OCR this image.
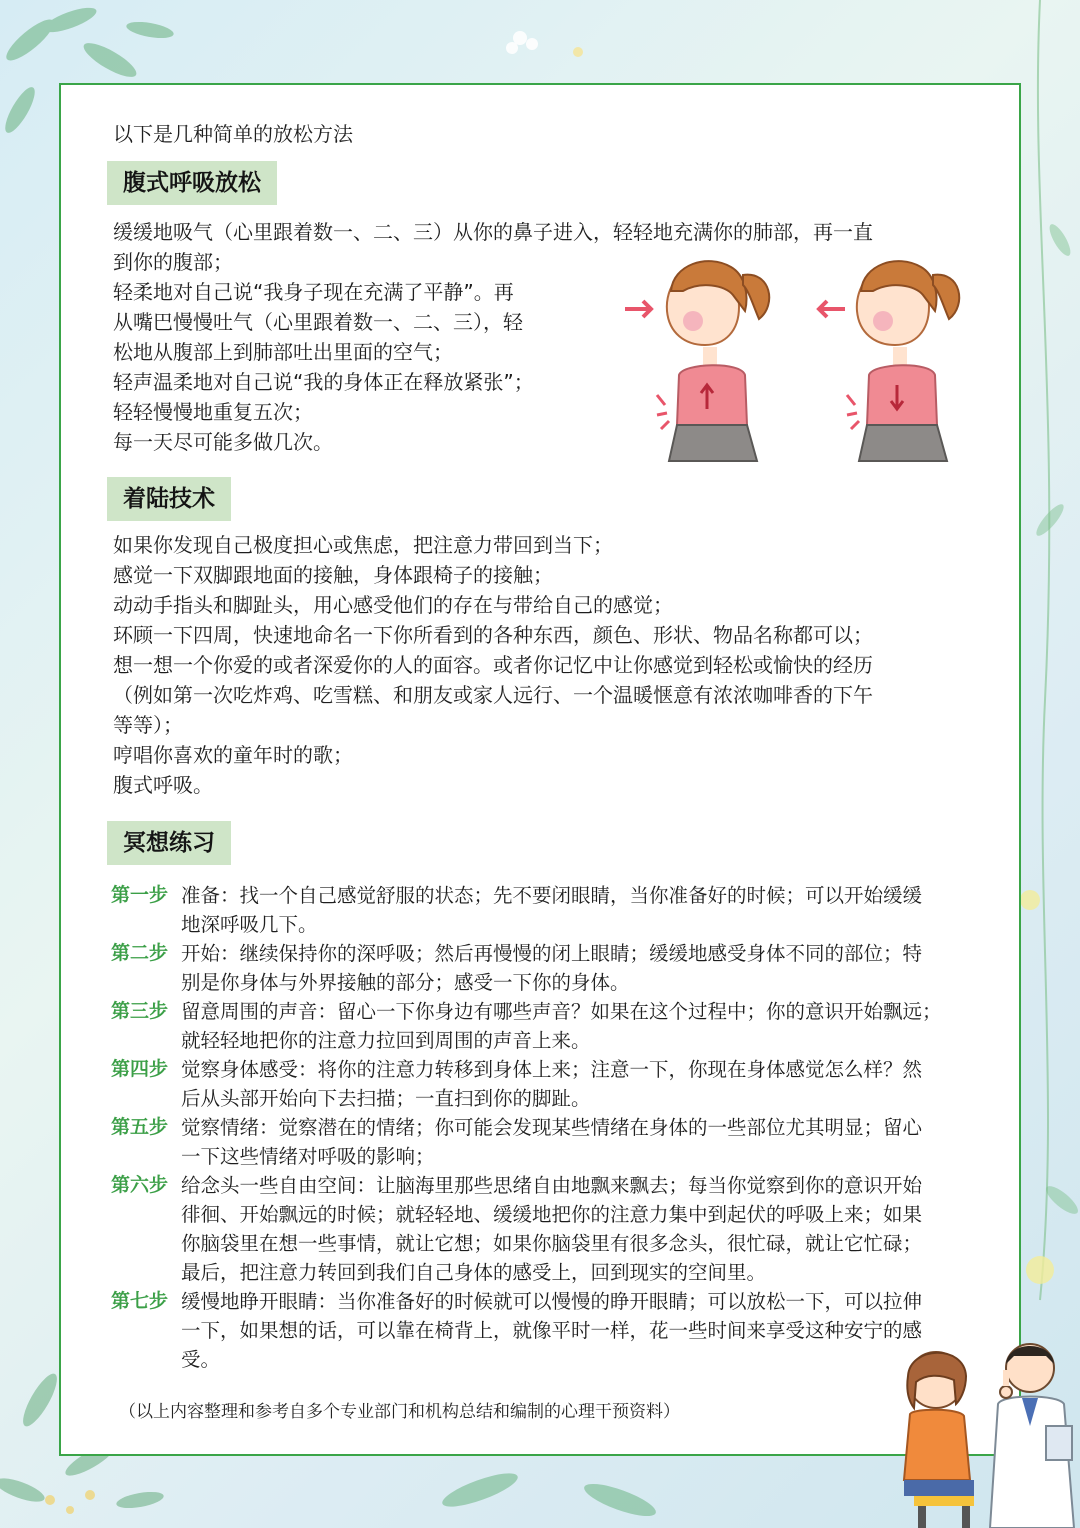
以下是几种简单的放松方法
腹式呼吸放松

缓缓地吸气（心里跟着数一、二、三）从你的鼻子进入，轻轻地充满你的肺部，再一直

到你的腹部；

轻柔地对自己说“我身子现在充满了平静”。再

从嘴巴慢慢吐气（心里跟着数一、二、三），轻

松地从腹部上到肺部吐出里面的空气；

轻声温柔地对自己说“我的身体正在释放紧张”；

轻轻慢慢地重复五次；

每一天尽可能多做几次。

着陆技术

如果你发现自己极度担心或焦虑，把注意力带回到当下；

感觉一下双脚跟地面的接触，身体跟椅子的接触；

动动手指头和脚趾头，用心感受他们的存在与带给自己的感觉；

环顾一下四周，快速地命名一下你所看到的各种东西，颜色、形状、物品名称都可以；

想一想一个你爱的或者深爱你的人的面容。或者你记忆中让你感觉到轻松或愉快的经历

（例如第一次吃炸鸡、吃雪糕、和朋友或家人远行、一个温暖惬意有浓浓咖啡香的下午

等等）；

哼唱你喜欢的童年时的歌；

腹式呼吸。

冥想练习
第一步 准备：找一个自己感觉舒服的状态；先不要闭眼睛，当你准备好的时候；可以开始缓缓

地深呼吸几下。

第二步 开始：继续保持你的深呼吸；然后再慢慢的闭上眼睛；缓缓地感受身体不同的部位；特

别是你身体与外界接触的部分；感受一下你的身体。

第三步 留意周围的声音：留心一下你身边有哪些声音？如果在这个过程中；你的意识开始飘远；

就轻轻地把你的注意力拉回到周围的声音上来。

第四步 觉察身体感受：将你的注意力转移到身体上来；注意一下，你现在身体感觉怎么样？然

后从头部开始向下去扫描；一直扫到你的脚趾。

第五步 觉察情绪：觉察潜在的情绪；你可能会发现某些情绪在身体的一些部位尤其明显；留心

一下这些情绪对呼吸的影响；

第六步 给念头一些自由空间：让脑海里那些思绪自由地飘来飘去；每当你觉察到你的意识开始

徘徊、开始飘远的时候；就轻轻地、缓缓地把你的注意力集中到起伏的呼吸上来；如果

你脑袋里在想一些事情，就让它想；如果你脑袋里有很多念头，很忙碌，就让它忙碌；

最后，把注意力转回到我们自己身体的感受上，回到现实的空间里。

第七步 缓慢地睁开眼睛：当你准备好的时候就可以慢慢的睁开眼睛；可以放松一下，可以拉伸

一下，如果想的话，可以靠在椅背上，就像平时一样，花一些时间来享受这种安宁的感

受。

（以上内容整理和参考自多个专业部门和机构总结和编制的心理干预资料）
